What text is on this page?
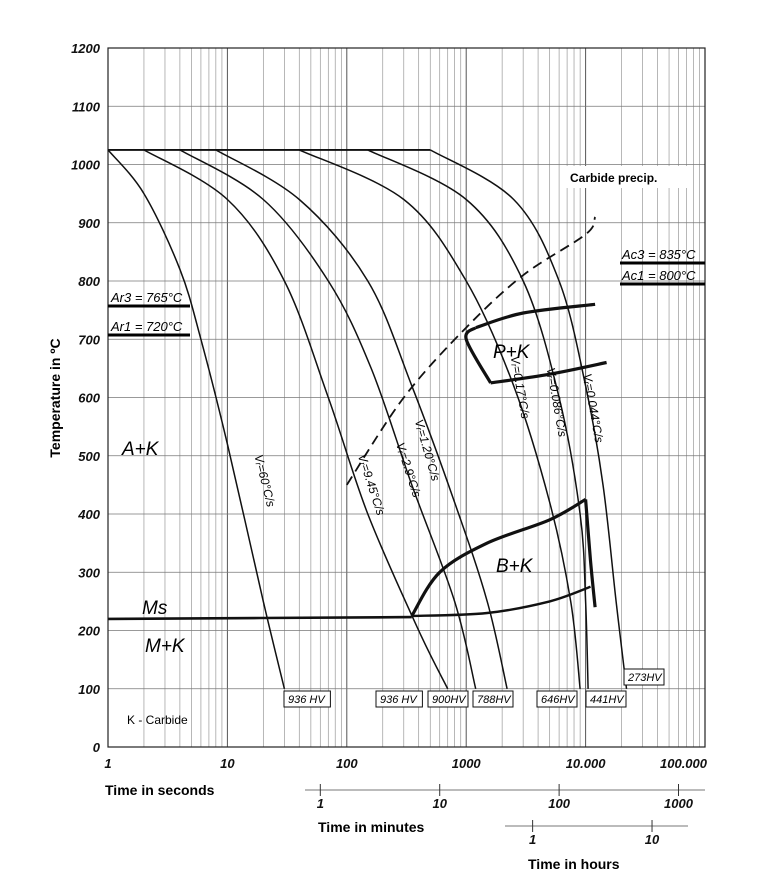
0
100
200
300
400
500
600
700
800
900
1000
1100
1200
1	10	100	1000	10.000	100.000
Temperature in ºC
Time in seconds
1	10	100	1000
Time in minutes
1	10
Time in hours
Ar3 = 765°C
Ar1 = 720°C
Ac3 = 835°C
Ac1 = 800°C
A+K
P+K
B+K
Ms
M+K
Carbide precip.
K - Carbide
Vᵣ=60°C/s	Vᵣ=9.45°C/s Vᵣ=2.9°C/s
Vᵣ=1.20°C/s
Vᵣ=0.17°C/s Vᵣ=0.086°C/s Vᵣ=0.044°C/s
936 HV	936 HV 900HV 788HV	646HV 441HV
273HV
